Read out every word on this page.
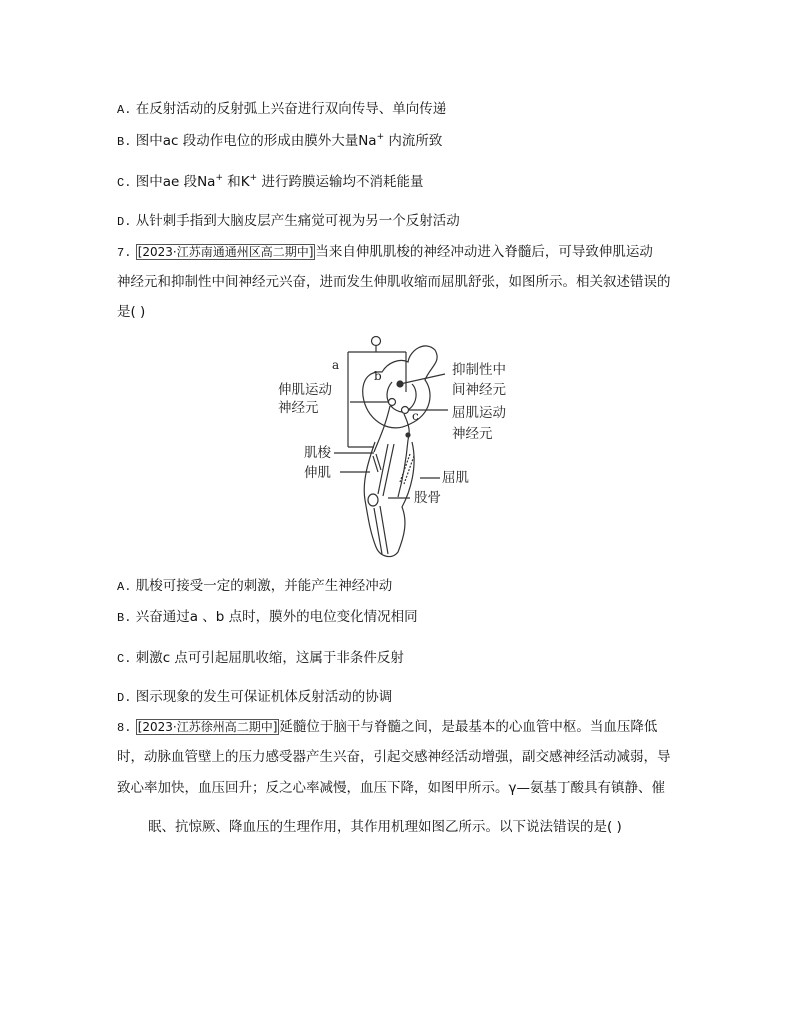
A. 在反射活动的反射弧上兴奋进行双向传导、单向传递
B. 图中ac 段动作电位的形成由膜外大量Na+ 内流所致
C. 图中ae 段Na+ 和K+ 进行跨膜运输均不消耗能量
D. 从针刺手指到大脑皮层产生痛觉可视为另一个反射活动
7. [2023·江苏南通通州区高二期中] 当来自伸肌肌梭的神经冲动进入脊髓后，可导致伸肌运动
神经元和抑制性中间神经元兴奋，进而发生伸肌收缩而屈肌舒张，如图所示。相关叙述错误的
是( )
a
b
c
抑制性中
间神经元
屈肌运动
神经元
伸肌运动
神经元
肌梭
伸肌	屈肌
股骨
A. 肌梭可接受一定的刺激，并能产生神经冲动
B. 兴奋通过a 、b 点时，膜外的电位变化情况相同
C. 刺激c 点可引起屈肌收缩，这属于非条件反射
D. 图示现象的发生可保证机体反射活动的协调
8. [2023·江苏徐州高二期中] 延髓位于脑干与脊髓之间，是最基本的心血管中枢。当血压降低
时，动脉血管壁上的压力感受器产生兴奋，引起交感神经活动增强，副交感神经活动减弱，导
致心率加快，血压回升；反之心率减慢，血压下降，如图甲所示。γ—氨基丁酸具有镇静、催
眠、抗惊厥、降血压的生理作用，其作用机理如图乙所示。以下说法错误的是( )
